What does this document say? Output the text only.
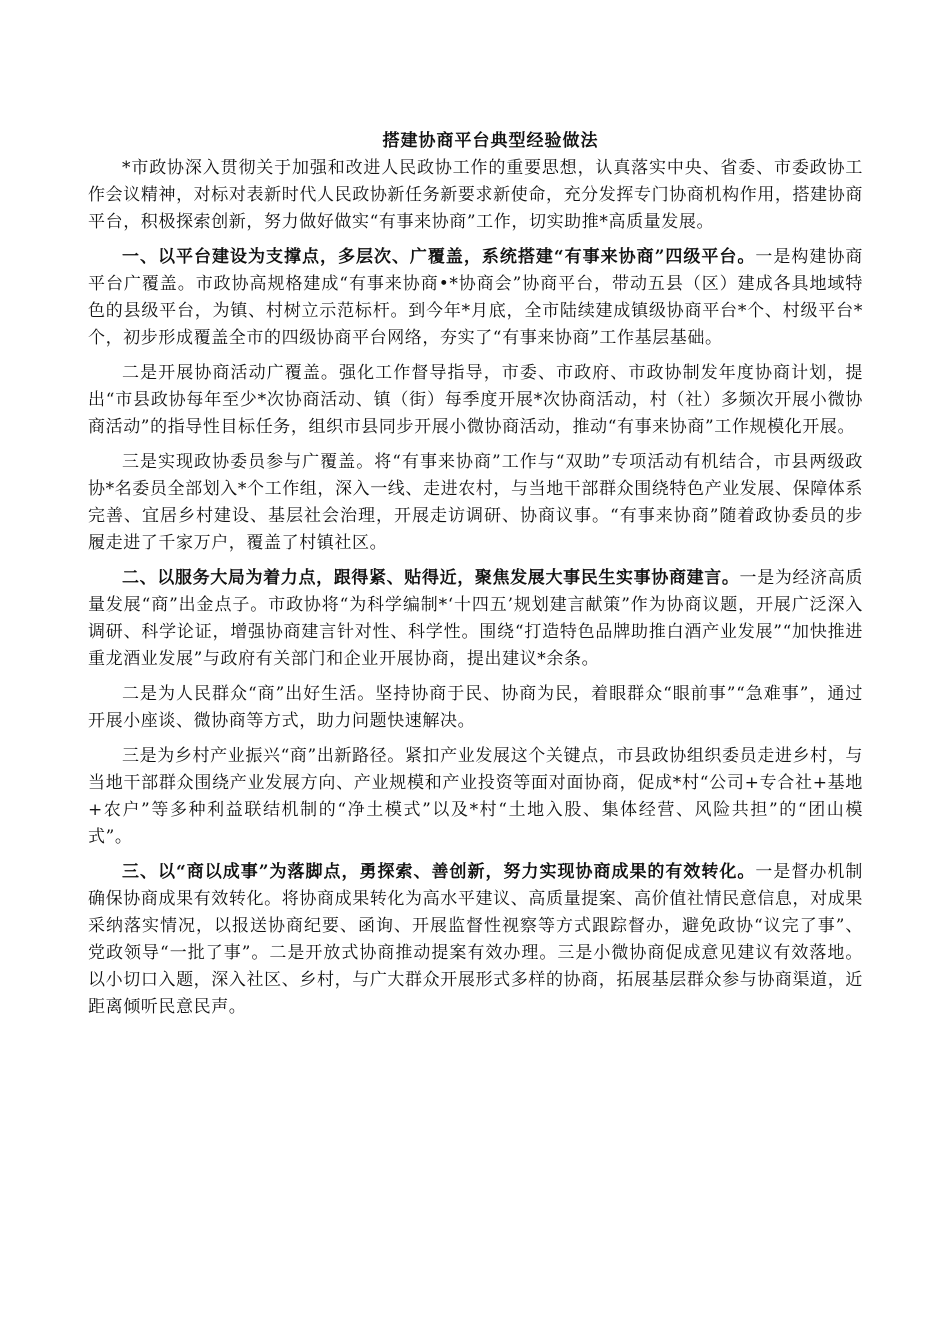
搭建协商平台典型经验做法

*市政协深入贯彻关于加强和改进人民政协工作的重要思想，认真落实中央、省委、市委政协工作会议精神，对标对表新时代人民政协新任务新要求新使命，充分发挥专门协商机构作用，搭建协商平台，积极探索创新，努力做好做实“有事来协商”工作，切实助推*高质量发展。

一、以平台建设为支撑点，多层次、广覆盖，系统搭建“有事来协商”四级平台。一是构建协商平台广覆盖。市政协高规格建成“有事来协商•*协商会”协商平台，带动五县（区）建成各具地域特色的县级平台，为镇、村树立示范标杆。到今年*月底，全市陆续建成镇级协商平台*个、村级平台*个，初步形成覆盖全市的四级协商平台网络，夯实了“有事来协商”工作基层基础。

二是开展协商活动广覆盖。强化工作督导指导，市委、市政府、市政协制发年度协商计划，提出“市县政协每年至少*次协商活动、镇（街）每季度开展*次协商活动，村（社）多频次开展小微协商活动”的指导性目标任务，组织市县同步开展小微协商活动，推动“有事来协商”工作规模化开展。

三是实现政协委员参与广覆盖。将“有事来协商”工作与“双助”专项活动有机结合，市县两级政协*名委员全部划入*个工作组，深入一线、走进农村，与当地干部群众围绕特色产业发展、保障体系完善、宜居乡村建设、基层社会治理，开展走访调研、协商议事。“有事来协商”随着政协委员的步履走进了千家万户，覆盖了村镇社区。

二、以服务大局为着力点，跟得紧、贴得近，聚焦发展大事民生实事协商建言。一是为经济高质量发展“商”出金点子。市政协将“为科学编制*‘十四五’规划建言献策”作为协商议题，开展广泛深入调研、科学论证，增强协商建言针对性、科学性。围绕“打造特色品牌助推白酒产业发展”“加快推进重龙酒业发展”与政府有关部门和企业开展协商，提出建议*余条。

二是为人民群众“商”出好生活。坚持协商于民、协商为民，着眼群众“眼前事”“急难事”，通过开展小座谈、微协商等方式，助力问题快速解决。

三是为乡村产业振兴“商”出新路径。紧扣产业发展这个关键点，市县政协组织委员走进乡村，与当地干部群众围绕产业发展方向、产业规模和产业投资等面对面协商，促成*村“公司+专合社+基地+农户”等多种利益联结机制的“净土模式”以及*村“土地入股、集体经营、风险共担”的“团山模式”。

三、以“商以成事”为落脚点，勇探索、善创新，努力实现协商成果的有效转化。一是督办机制确保协商成果有效转化。将协商成果转化为高水平建议、高质量提案、高价值社情民意信息，对成果采纳落实情况，以报送协商纪要、函询、开展监督性视察等方式跟踪督办，避免政协“议完了事”、党政领导“一批了事”。二是开放式协商推动提案有效办理。三是小微协商促成意见建议有效落地。以小切口入题，深入社区、乡村，与广大群众开展形式多样的协商，拓展基层群众参与协商渠道，近距离倾听民意民声。
